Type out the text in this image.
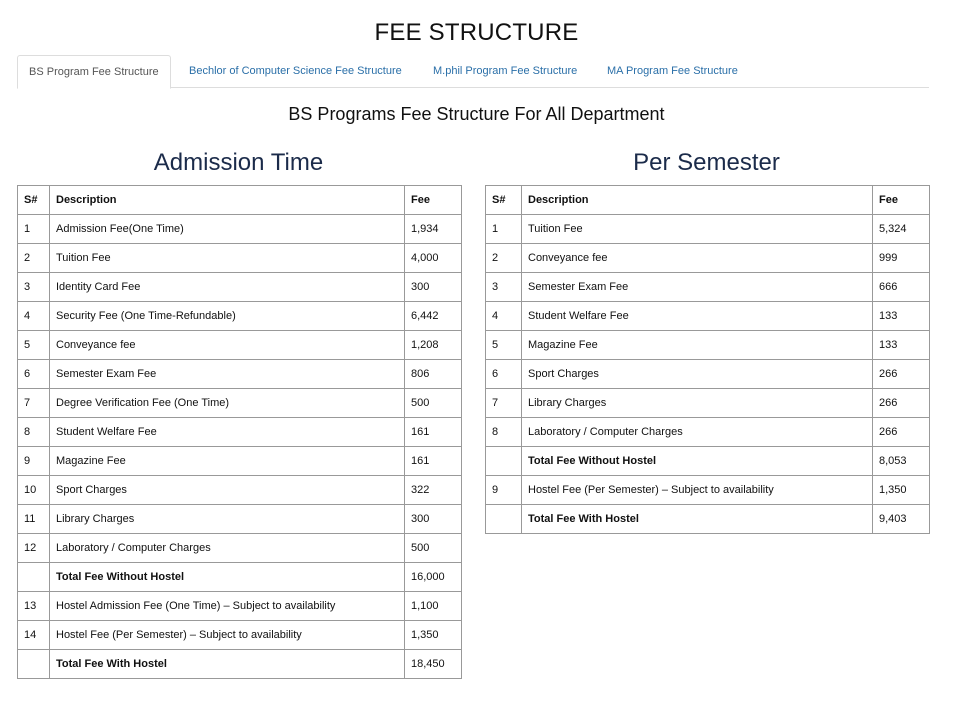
FEE STRUCTURE
BS Program Fee Structure	Bechlor of Computer Science Fee Structure	M.phil Program Fee Structure	MA Program Fee Structure
BS Programs Fee Structure For All Department
Admission Time	Per Semester
S#	Description	Fee
1	Admission Fee(One Time)	1,934
2	Tuition Fee	4,000
3	Identity Card Fee	300
4	Security Fee (One Time-Refundable)	6,442
5	Conveyance fee	1,208
6	Semester Exam Fee	806
7	Degree Verification Fee (One Time)	500
8	Student Welfare Fee	161
9	Magazine Fee	161
10	Sport Charges	322
11	Library Charges	300
12	Laboratory / Computer Charges	500
	Total Fee Without Hostel	16,000
13	Hostel Admission Fee (One Time) – Subject to availability	1,100
14	Hostel Fee (Per Semester) – Subject to availability	1,350
	Total Fee With Hostel	18,450
S#	Description	Fee
1	Tuition Fee	5,324
2	Conveyance fee	999
3	Semester Exam Fee	666
4	Student Welfare Fee	133
5	Magazine Fee	133
6	Sport Charges	266
7	Library Charges	266
8	Laboratory / Computer Charges	266
	Total Fee Without Hostel	8,053
9	Hostel Fee (Per Semester) – Subject to availability	1,350
	Total Fee With Hostel	9,403
